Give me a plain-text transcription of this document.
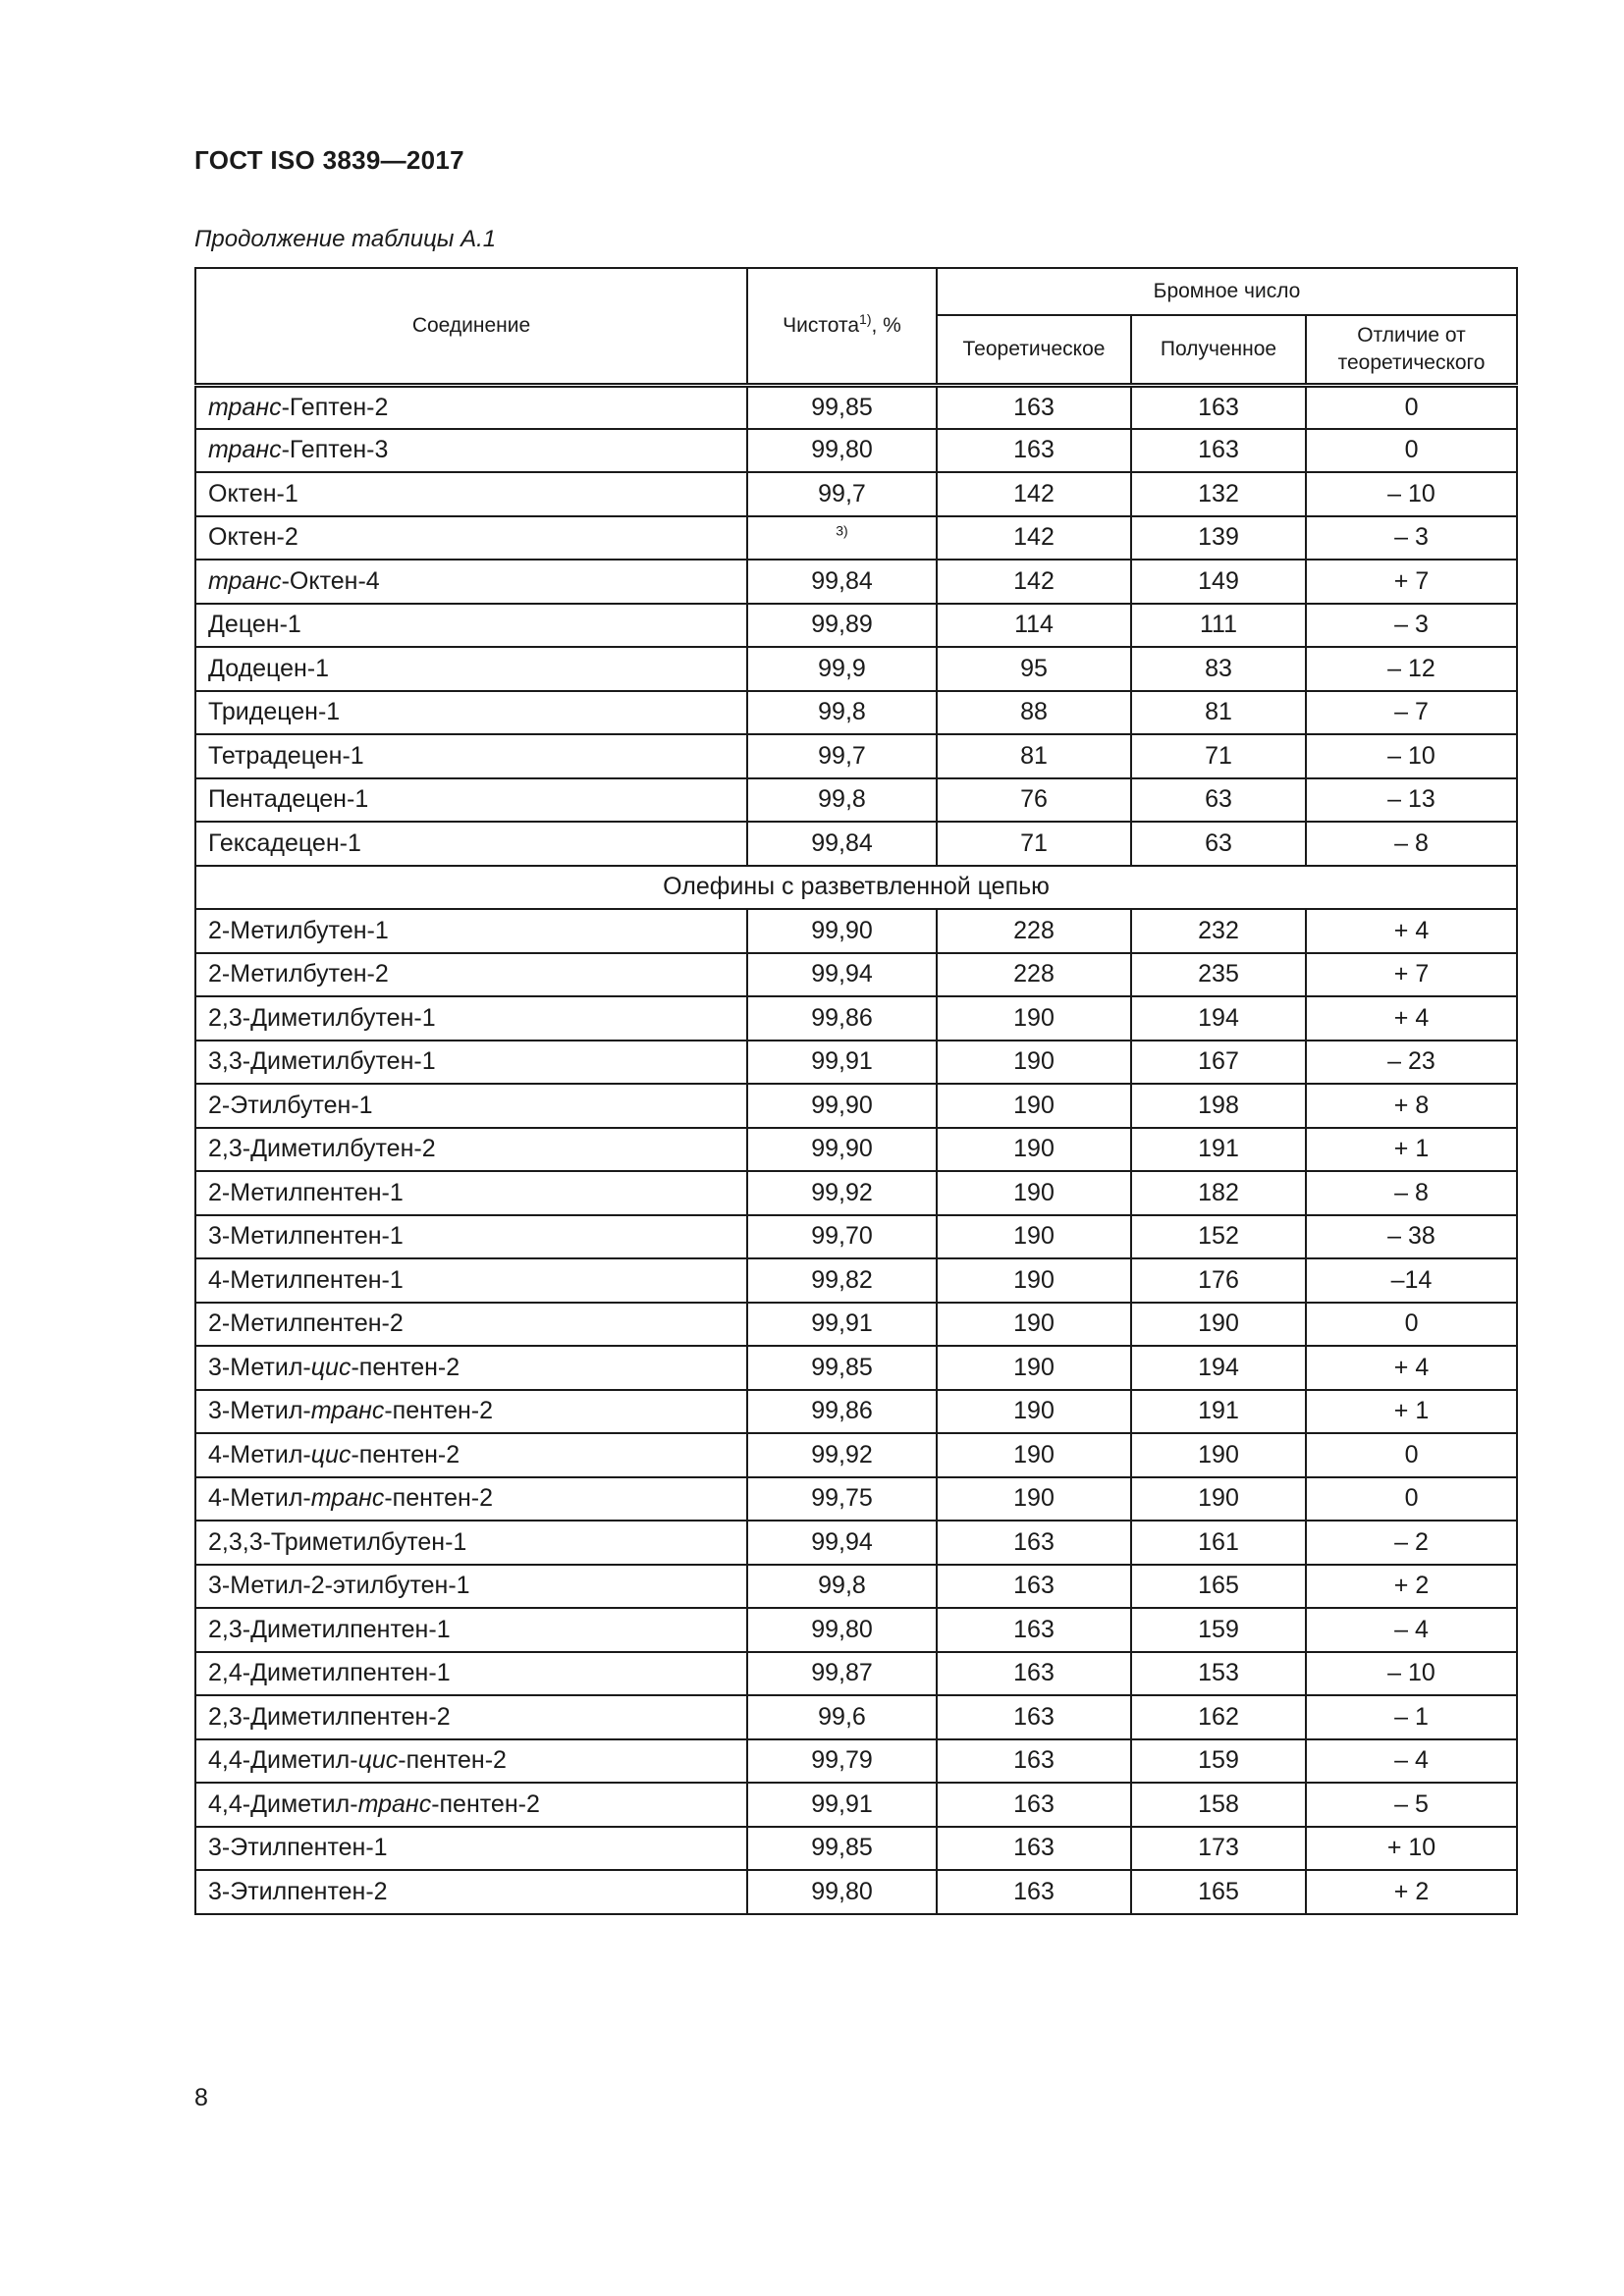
ГОСТ ISO 3839—2017
Продолжение таблицы А.1
Соединение	Чистота$^{1)}$, %	Бромное число		
		Теоретическое	Полученное	Отличие от теоретического
транс-Гептен-2	99,85	163	163	0
транс-Гептен-3	99,80	163	163	0
Октен-1	99,7	142	132	– 10
Октен-2	$^{3)}$	142	139	– 3
транс-Октен-4	99,84	142	149	+ 7
Децен-1	99,89	114	111	– 3
Додецен-1	99,9	95	83	– 12
Тридецен-1	99,8	88	81	– 7
Тетрадецен-1	99,7	81	71	– 10
Пентадецен-1	99,8	76	63	– 13
Гексадецен-1	99,84	71	63	– 8
Олефины с разветвленной цепью				
2-Метилбутен-1	99,90	228	232	+ 4
2-Метилбутен-2	99,94	228	235	+ 7
2,3-Диметилбутен-1	99,86	190	194	+ 4
3,3-Диметилбутен-1	99,91	190	167	– 23
2-Этилбутен-1	99,90	190	198	+ 8
2,3-Диметилбутен-2	99,90	190	191	+ 1
2-Метилпентен-1	99,92	190	182	– 8
3-Метилпентен-1	99,70	190	152	– 38
4-Метилпентен-1	99,82	190	176	–14
2-Метилпентен-2	99,91	190	190	0
3-Метил-цис-пентен-2	99,85	190	194	+ 4
3-Метил-транс-пентен-2	99,86	190	191	+ 1
4-Метил-цис-пентен-2	99,92	190	190	0
4-Метил-транс-пентен-2	99,75	190	190	0
2,3,3-Триметилбутен-1	99,94	163	161	– 2
3-Метил-2-этилбутен-1	99,8	163	165	+ 2
2,3-Диметилпентен-1	99,80	163	159	– 4
2,4-Диметилпентен-1	99,87	163	153	– 10
2,3-Диметилпентен-2	99,6	163	162	– 1
4,4-Диметил-цис-пентен-2	99,79	163	159	– 4
4,4-Диметил-транс-пентен-2	99,91	163	158	– 5
3-Этилпентен-1	99,85	163	173	+ 10
3-Этилпентен-2	99,80	163	165	+ 2
8
